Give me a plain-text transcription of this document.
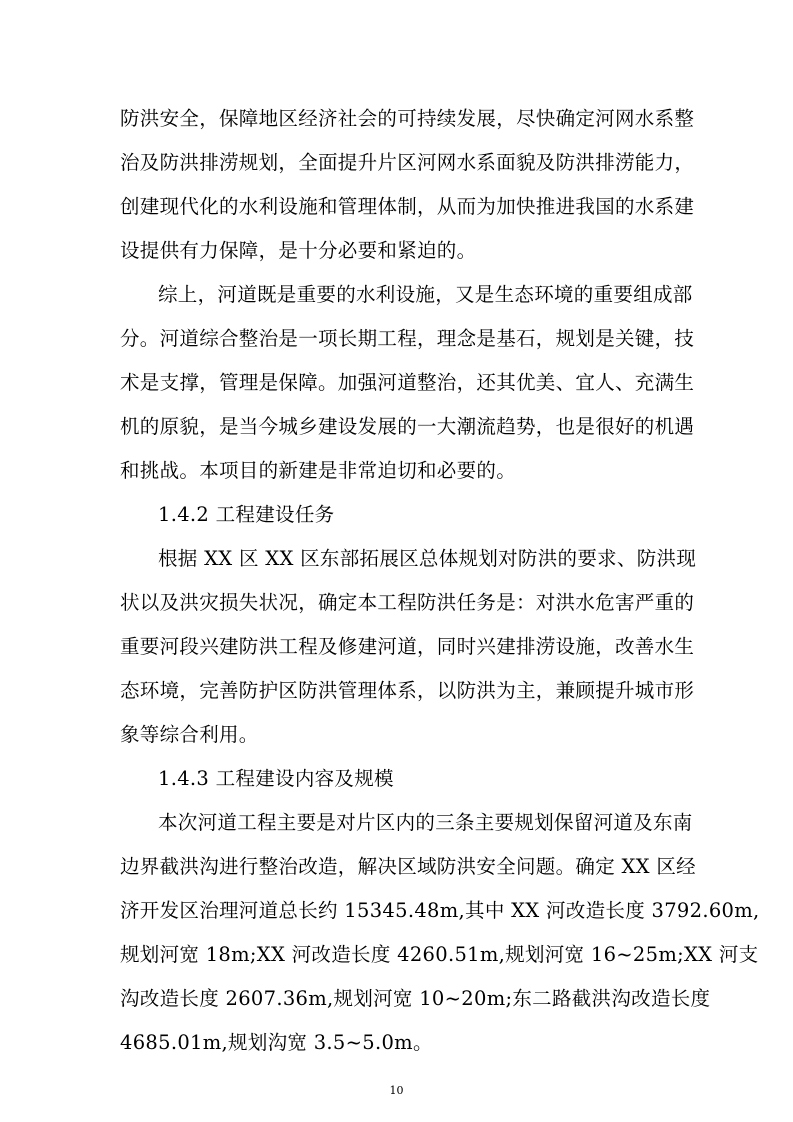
防洪安全，保障地区经济社会的可持续发展，尽快确定河网水系整
治及防洪排涝规划，全面提升片区河网水系面貌及防洪排涝能力，
创建现代化的水利设施和管理体制，从而为加快推进我国的水系建
设提供有力保障，是十分必要和紧迫的。
综上，河道既是重要的水利设施，又是生态环境的重要组成部
分。河道综合整治是一项长期工程，理念是基石，规划是关键，技
术是支撑，管理是保障。加强河道整治，还其优美、宜人、充满生
机的原貌，是当今城乡建设发展的一大潮流趋势，也是很好的机遇
和挑战。本项目的新建是非常迫切和必要的。
1.4.2 工程建设任务
根据 XX 区 XX 区东部拓展区总体规划对防洪的要求、防洪现
状以及洪灾损失状况，确定本工程防洪任务是：对洪水危害严重的
重要河段兴建防洪工程及修建河道，同时兴建排涝设施，改善水生
态环境，完善防护区防洪管理体系，以防洪为主，兼顾提升城市形
象等综合利用。
1.4.3 工程建设内容及规模
本次河道工程主要是对片区内的三条主要规划保留河道及东南
边界截洪沟进行整治改造，解决区域防洪安全问题。确定 XX 区经
济开发区治理河道总长约 15345.48m,其中 XX 河改造长度 3792.60m,
规划河宽 18m;XX 河改造长度 4260.51m,规划河宽 16~25m;XX 河支
沟改造长度 2607.36m,规划河宽 10~20m;东二路截洪沟改造长度
4685.01m,规划沟宽 3.5~5.0m。
10
